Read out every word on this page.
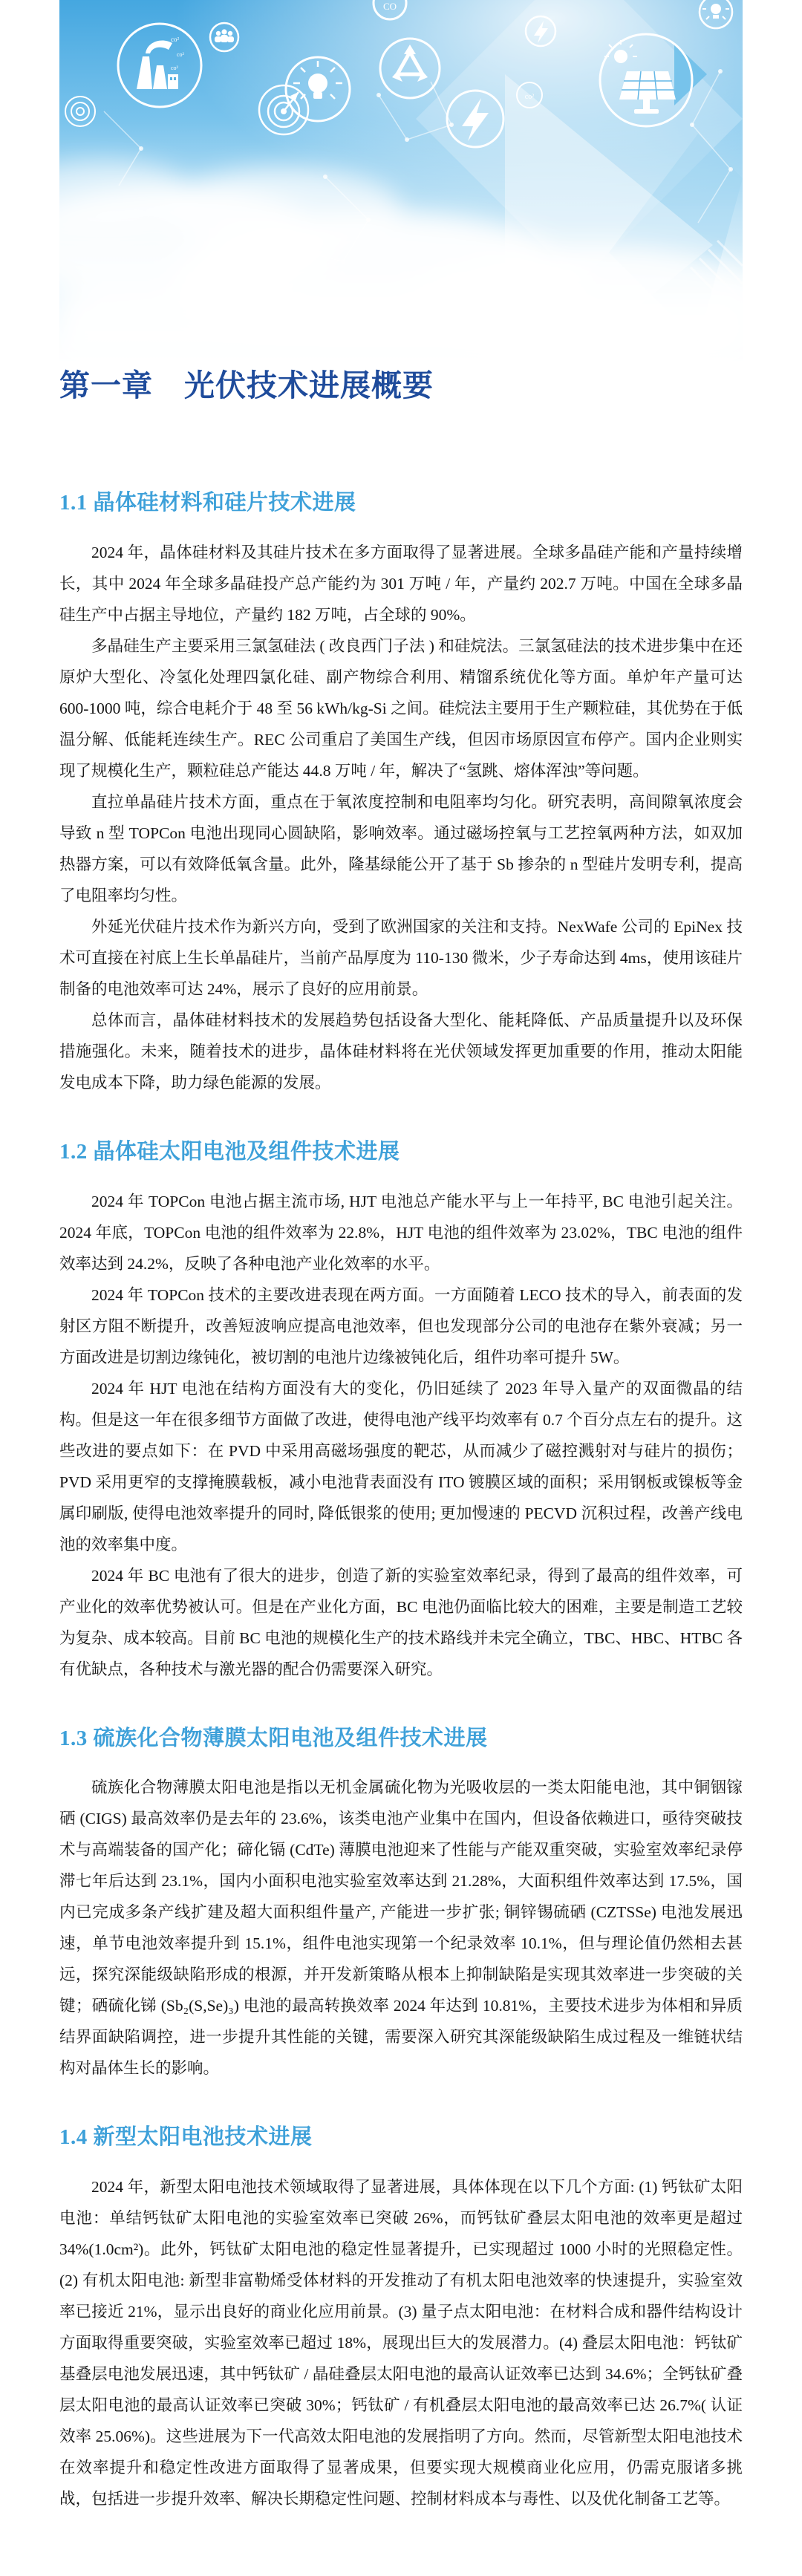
co²
co²
co²
CO
co²
第一章　光伏技术进展概要
1.1 晶体硅材料和硅片技术进展

2024 年，晶体硅材料及其硅片技术在多方面取得了显著进展。全球多晶硅产能和产量持续增长，其中 2024 年全球多晶硅投产总产能约为 301 万吨 / 年，产量约 202.7 万吨。中国在全球多晶硅生产中占据主导地位，产量约 182 万吨，占全球的 90%。

多晶硅生产主要采用三氯氢硅法 ( 改良西门子法 ) 和硅烷法。三氯氢硅法的技术进步集中在还原炉大型化、冷氢化处理四氯化硅、副产物综合利用、精馏系统优化等方面。单炉年产量可达 600-1000 吨，综合电耗介于 48 至 56 kWh/kg-Si 之间。硅烷法主要用于生产颗粒硅，其优势在于低温分解、低能耗连续生产。REC 公司重启了美国生产线，但因市场原因宣布停产。国内企业则实现了规模化生产，颗粒硅总产能达 44.8 万吨 / 年，解决了“氢跳、熔体浑浊”等问题。

直拉单晶硅片技术方面，重点在于氧浓度控制和电阻率均匀化。研究表明，高间隙氧浓度会导致 n 型 TOPCon 电池出现同心圆缺陷，影响效率。通过磁场控氧与工艺控氧两种方法，如双加热器方案，可以有效降低氧含量。此外，隆基绿能公开了基于 Sb 掺杂的 n 型硅片发明专利，提高了电阻率均匀性。

外延光伏硅片技术作为新兴方向，受到了欧洲国家的关注和支持。NexWafe 公司的 EpiNex 技术可直接在衬底上生长单晶硅片，当前产品厚度为 110-130 微米，少子寿命达到 4ms，使用该硅片制备的电池效率可达 24%，展示了良好的应用前景。

总体而言，晶体硅材料技术的发展趋势包括设备大型化、能耗降低、产品质量提升以及环保措施强化。未来，随着技术的进步，晶体硅材料将在光伏领域发挥更加重要的作用，推动太阳能发电成本下降，助力绿色能源的发展。

1.2 晶体硅太阳电池及组件技术进展

2024 年 TOPCon 电池占据主流市场, HJT 电池总产能水平与上一年持平, BC 电池引起关注。2024 年底，TOPCon 电池的组件效率为 22.8%，HJT 电池的组件效率为 23.02%，TBC 电池的组件效率达到 24.2%，反映了各种电池产业化效率的水平。

2024 年 TOPCon 技术的主要改进表现在两方面。一方面随着 LECO 技术的导入，前表面的发射区方阻不断提升，改善短波响应提高电池效率，但也发现部分公司的电池存在紫外衰减；另一方面改进是切割边缘钝化，被切割的电池片边缘被钝化后，组件功率可提升 5W。

2024 年 HJT 电池在结构方面没有大的变化，仍旧延续了 2023 年导入量产的双面微晶的结构。但是这一年在很多细节方面做了改进，使得电池产线平均效率有 0.7 个百分点左右的提升。这些改进的要点如下：在 PVD 中采用高磁场强度的靶芯，从而减少了磁控溅射对与硅片的损伤；PVD 采用更窄的支撑掩膜载板，减小电池背表面没有 ITO 镀膜区域的面积；采用钢板或镍板等金属印刷版, 使得电池效率提升的同时, 降低银浆的使用; 更加慢速的 PECVD 沉积过程，改善产线电池的效率集中度。

2024 年 BC 电池有了很大的进步，创造了新的实验室效率纪录，得到了最高的组件效率，可产业化的效率优势被认可。但是在产业化方面，BC 电池仍面临比较大的困难，主要是制造工艺较为复杂、成本较高。目前 BC 电池的规模化生产的技术路线并未完全确立，TBC、HBC、HTBC 各有优缺点，各种技术与激光器的配合仍需要深入研究。

1.3 硫族化合物薄膜太阳电池及组件技术进展

硫族化合物薄膜太阳电池是指以无机金属硫化物为光吸收层的一类太阳能电池，其中铜铟镓硒 (CIGS) 最高效率仍是去年的 23.6%，该类电池产业集中在国内，但设备依赖进口，亟待突破技术与高端装备的国产化；碲化镉 (CdTe) 薄膜电池迎来了性能与产能双重突破，实验室效率纪录停滞七年后达到 23.1%，国内小面积电池实验室效率达到 21.28%，大面积组件效率达到 17.5%，国内已完成多条产线扩建及超大面积组件量产, 产能进一步扩张; 铜锌锡硫硒 (CZTSSe) 电池发展迅速，单节电池效率提升到 15.1%，组件电池实现第一个纪录效率 10.1%，但与理论值仍然相去甚远，探究深能级缺陷形成的根源，并开发新策略从根本上抑制缺陷是实现其效率进一步突破的关键；硒硫化锑 (Sb₂(S,Se)₃) 电池的最高转换效率 2024 年达到 10.81%，主要技术进步为体相和异质结界面缺陷调控，进一步提升其性能的关键，需要深入研究其深能级缺陷生成过程及一维链状结构对晶体生长的影响。

1.4 新型太阳电池技术进展

2024 年，新型太阳电池技术领域取得了显著进展，具体体现在以下几个方面: (1) 钙钛矿太阳电池：单结钙钛矿太阳电池的实验室效率已突破 26%，而钙钛矿叠层太阳电池的效率更是超过 34%(1.0cm²)。此外，钙钛矿太阳电池的稳定性显著提升，已实现超过 1000 小时的光照稳定性。(2) 有机太阳电池: 新型非富勒烯受体材料的开发推动了有机太阳电池效率的快速提升，实验室效率已接近 21%，显示出良好的商业化应用前景。(3) 量子点太阳电池：在材料合成和器件结构设计方面取得重要突破，实验室效率已超过 18%，展现出巨大的发展潜力。(4) 叠层太阳电池：钙钛矿基叠层电池发展迅速，其中钙钛矿 / 晶硅叠层太阳电池的最高认证效率已达到 34.6%；全钙钛矿叠层太阳电池的最高认证效率已突破 30%；钙钛矿 / 有机叠层太阳电池的最高效率已达 26.7%( 认证效率 25.06%)。这些进展为下一代高效太阳电池的发展指明了方向。然而，尽管新型太阳电池技术在效率提升和稳定性改进方面取得了显著成果，但要实现大规模商业化应用，仍需克服诸多挑战，包括进一步提升效率、解决长期稳定性问题、控制材料成本与毒性、以及优化制备工艺等。
